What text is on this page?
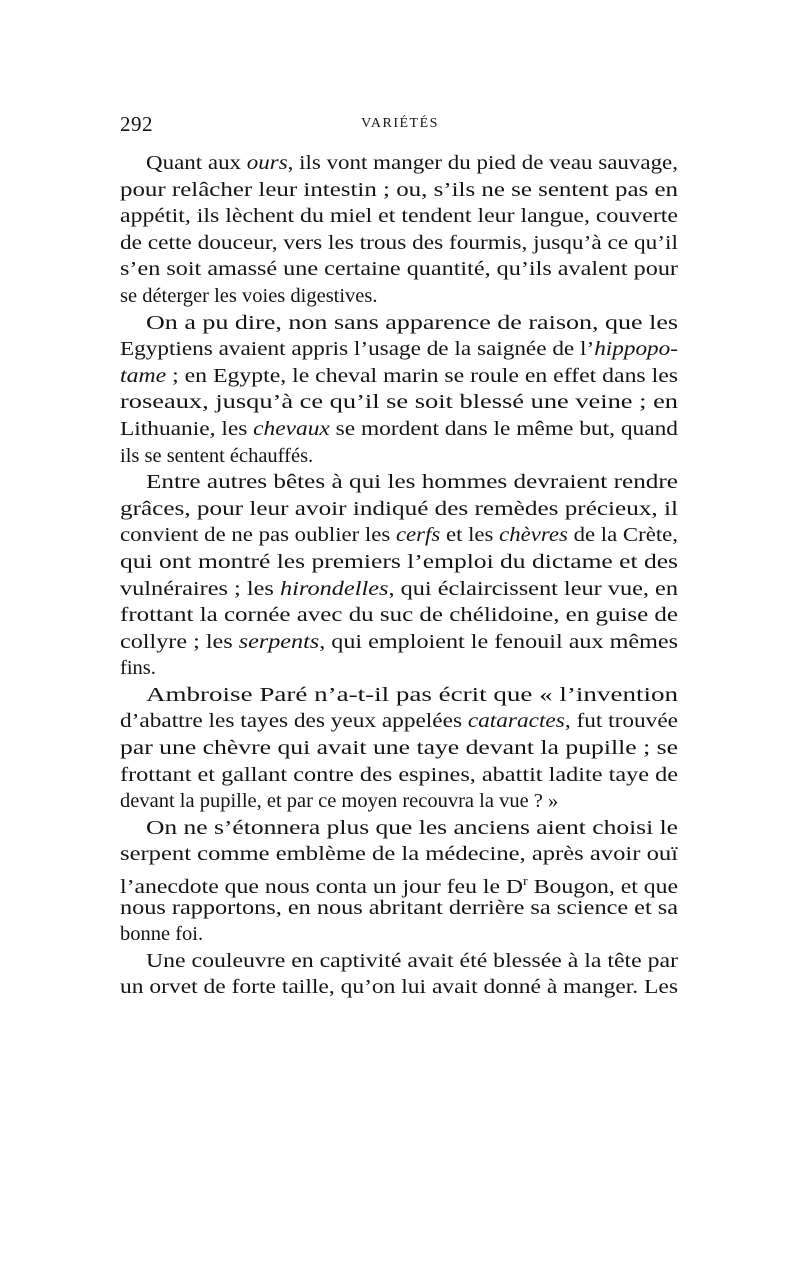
292	VARIÉTÉS
Quant aux ours, ils vont manger du pied de veau sauvage,
pour relâcher leur intestin ; ou, s’ils ne se sentent pas en
appétit, ils lèchent du miel et tendent leur langue, couverte
de cette douceur, vers les trous des fourmis, jusqu’à ce qu’il
s’en soit amassé une certaine quantité, qu’ils avalent pour
se déterger les voies digestives.
On a pu dire, non sans apparence de raison, que les
Egyptiens avaient appris l’usage de la saignée de l’hippopo-
tame ; en Egypte, le cheval marin se roule en effet dans les
roseaux, jusqu’à ce qu’il se soit blessé une veine ; en
Lithuanie, les chevaux se mordent dans le même but, quand
ils se sentent échauffés.
Entre autres bêtes à qui les hommes devraient rendre
grâces, pour leur avoir indiqué des remèdes précieux, il
convient de ne pas oublier les cerfs et les chèvres de la Crète,
qui ont montré les premiers l’emploi du dictame et des
vulnéraires ; les hirondelles, qui éclaircissent leur vue, en
frottant la cornée avec du suc de chélidoine, en guise de
collyre ; les serpents, qui emploient le fenouil aux mêmes
fins.
Ambroise Paré n’a-t-il pas écrit que « l’invention
d’abattre les tayes des yeux appelées cataractes, fut trouvée
par une chèvre qui avait une taye devant la pupille ; se
frottant et gallant contre des espines, abattit ladite taye de
devant la pupille, et par ce moyen recouvra la vue ? »
On ne s’étonnera plus que les anciens aient choisi le
serpent comme emblème de la médecine, après avoir ouï
l’anecdote que nous conta un jour feu le $D^r$ Bougon, et que
nous rapportons, en nous abritant derrière sa science et sa
bonne foi.
Une couleuvre en captivité avait été blessée à la tête par
un orvet de forte taille, qu’on lui avait donné à manger. Les
